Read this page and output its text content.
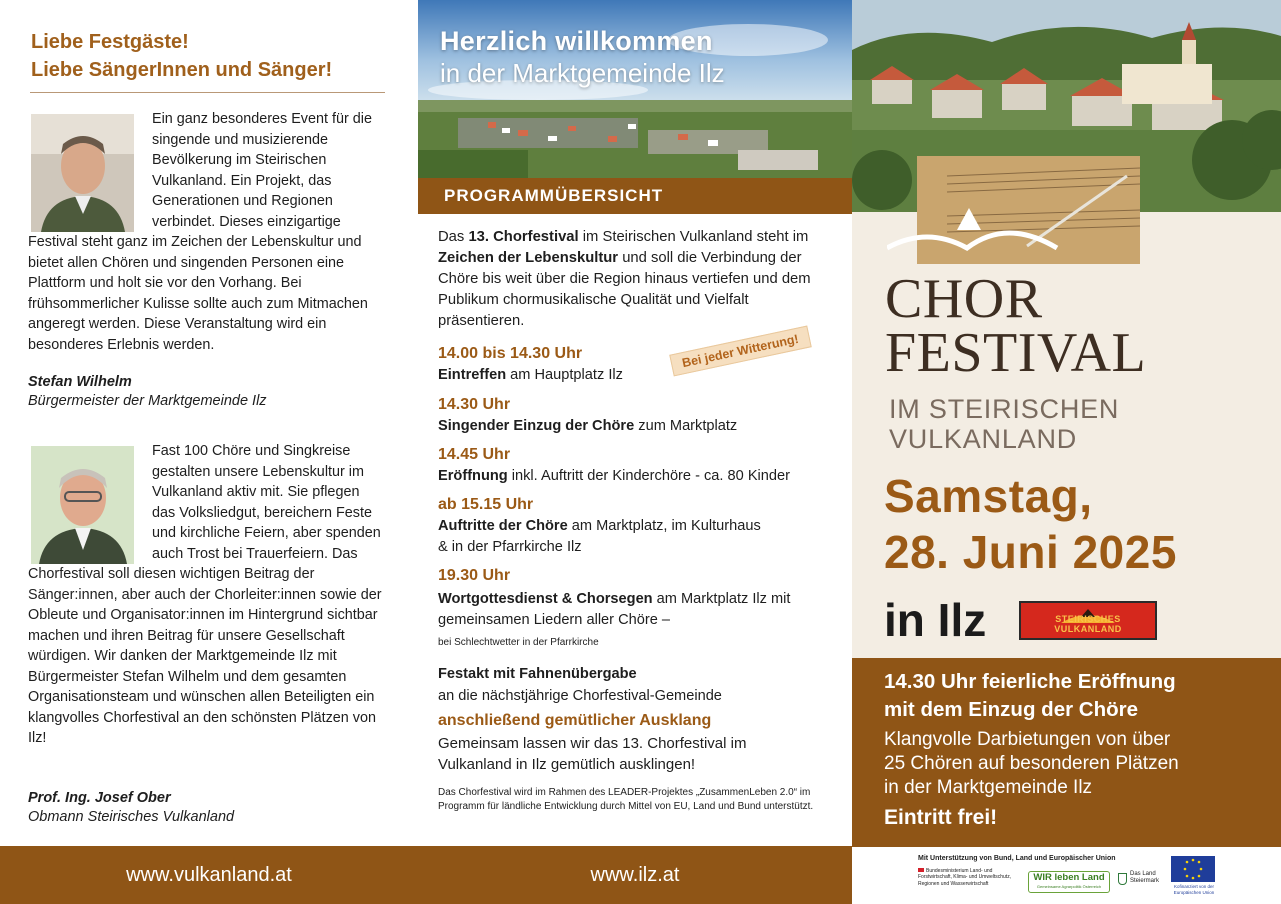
Liebe Festgäste!
Liebe SängerInnen und Sänger!
Ein ganz besonderes Event für die singende und musizierende Bevölkerung im Steirischen Vulkanland. Ein Projekt, das Generationen und Regionen verbindet. Dieses einzigartige Festival steht ganz im Zeichen der Lebenskultur und bietet allen Chören und singenden Personen eine Plattform und holt sie vor den Vorhang. Bei frühsommerlicher Kulisse sollte auch zum Mitmachen angeregt werden. Diese Veranstaltung wird ein besonderes Erlebnis werden.
Stefan Wilhelm
Bürgermeister der Marktgemeinde Ilz
Fast 100 Chöre und Singkreise gestalten unsere Lebenskultur im Vulkanland aktiv mit. Sie pflegen das Volksliedgut, bereichern Feste und kirchliche Feiern, aber spenden auch Trost bei Trauerfeiern. Das Chorfestival soll diesen wichtigen Beitrag der Sänger:innen, aber auch der Chorleiter:innen sowie der Obleute und Organisator:innen im Hintergrund sichtbar machen und ihren Beitrag für unsere Gesellschaft würdigen. Wir danken der Marktgemeinde Ilz mit Bürgermeister Stefan Wilhelm und dem gesamten Organisationsteam und wünschen allen Beteiligten ein klangvolles Chorfestival an den schönsten Plätzen von Ilz!
Prof. Ing. Josef Ober
Obmann Steirisches Vulkanland
www.vulkanland.at
Herzlich willkommen
in der Marktgemeinde Ilz
PROGRAMMÜBERSICHT
Das 13. Chorfestival im Steirischen Vulkanland steht im Zeichen der Lebenskultur und soll die Verbindung der Chöre bis weit über die Region hinaus vertiefen und dem Publikum chormusikalische Qualität und Vielfalt präsentieren.
Bei jeder Witterung!
14.00 bis 14.30 Uhr
Eintreffen am Hauptplatz Ilz
14.30 Uhr
Singender Einzug der Chöre zum Marktplatz
14.45 Uhr
Eröffnung inkl. Auftritt der Kinderchöre - ca. 80 Kinder
ab 15.15 Uhr
Auftritte der Chöre am Marktplatz, im Kulturhaus & in der Pfarrkirche Ilz
19.30 Uhr
Wortgottesdienst & Chorsegen am Marktplatz Ilz mit gemeinsamen Liedern aller Chöre –
bei Schlechtwetter in der Pfarrkirche
Festakt mit Fahnenübergabe
an die nächstjährige Chorfestival-Gemeinde
anschließend gemütlicher Ausklang
Gemeinsam lassen wir das 13. Chorfestival im Vulkanland in Ilz gemütlich ausklingen!
Das Chorfestival wird im Rahmen des LEADER-Projektes „ZusammenLeben 2.0“ im Programm für ländliche Entwicklung durch Mittel von EU, Land und Bund unterstützt.
www.ilz.at
CHOR
FESTIVAL
IM STEIRISCHEN
VULKANLAND
Samstag,
28. Juni 2025
in Ilz	STEIRISCHES VULKANLAND
14.30 Uhr feierliche Eröffnung
mit dem Einzug der Chöre
Klangvolle Darbietungen von über
25 Chören auf besonderen Plätzen
in der Marktgemeinde Ilz
Eintritt frei!
Mit Unterstützung von Bund, Land und Europäischer Union
Bundesministerium Land- und Forstwirtschaft, Klima- und Umweltschutz, Regionen und Wasserwirtschaft
WIR leben Land
Gemeinsame Agrarpolitik Österreich
Das Land Steiermark
Kofinanziert von der Europäischen Union
